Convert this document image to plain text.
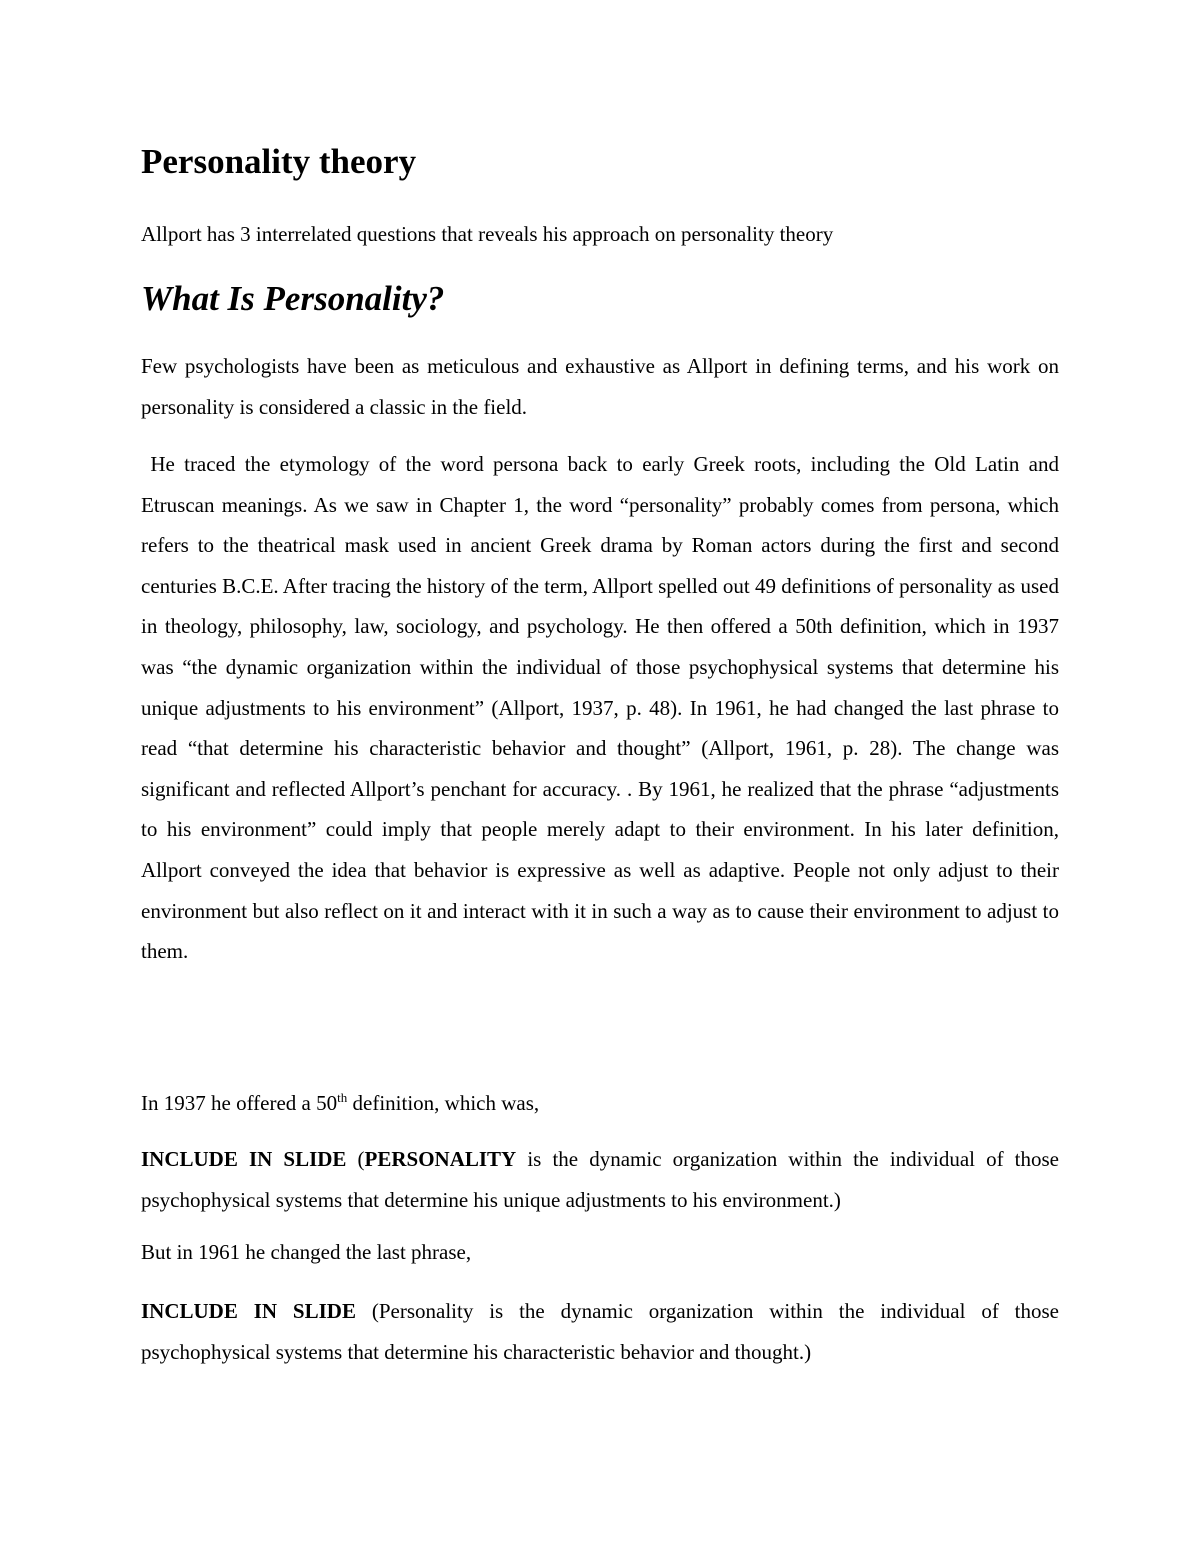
Personality theory

Allport has 3 interrelated questions that reveals his approach on personality theory

What Is Personality?

Few psychologists have been as meticulous and exhaustive as Allport in defining terms, and his work on personality is considered a classic in the field.

He traced the etymology of the word persona back to early Greek roots, including the Old Latin and Etruscan meanings. As we saw in Chapter 1, the word “personality” probably comes from persona, which refers to the theatrical mask used in ancient Greek drama by Roman actors during the first and second centuries B.C.E. After tracing the history of the term, Allport spelled out 49 definitions of personality as used in theology, philosophy, law, sociology, and psychology. He then offered a 50th definition, which in 1937 was “the dynamic organization within the individual of those psychophysical systems that determine his unique adjustments to his environment” (Allport, 1937, p. 48). In 1961, he had changed the last phrase to read “that determine his characteristic behavior and thought” (Allport, 1961, p. 28). The change was significant and reflected Allport’s penchant for accuracy. . By 1961, he realized that the phrase “adjustments to his environment” could imply that people merely adapt to their environment. In his later definition, Allport conveyed the idea that behavior is expressive as well as adaptive. People not only adjust to their environment but also reflect on it and interact with it in such a way as to cause their environment to adjust to them.

In 1937 he offered a 50th definition, which was,

INCLUDE IN SLIDE (PERSONALITY is the dynamic organization within the individual of those psychophysical systems that determine his unique adjustments to his environment.)

But in 1961 he changed the last phrase,

INCLUDE IN SLIDE (Personality is the dynamic organization within the individual of those psychophysical systems that determine his characteristic behavior and thought.)
